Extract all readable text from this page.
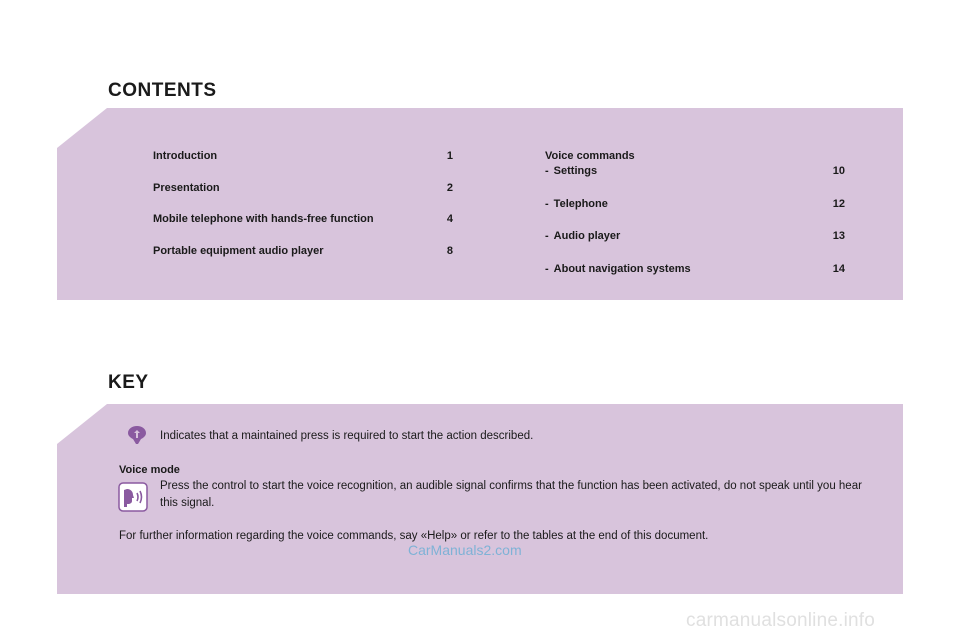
CONTENTS
Introduction	1
Presentation	2
Mobile telephone with hands-free function	4
Portable equipment audio player	8
Voice commands
- Settings	10
- Telephone	12
- Audio player	13
- About navigation systems	14
KEY
Indicates that a maintained press is required to start the action described.
Voice mode
Press the control to start the voice recognition, an audible signal confirms that the function has been activated, do not speak until you hear this signal.
For further information regarding the voice commands, say «Help» or refer to the tables at the end of this document.
CarManuals2.com
carmanualsonline.info
